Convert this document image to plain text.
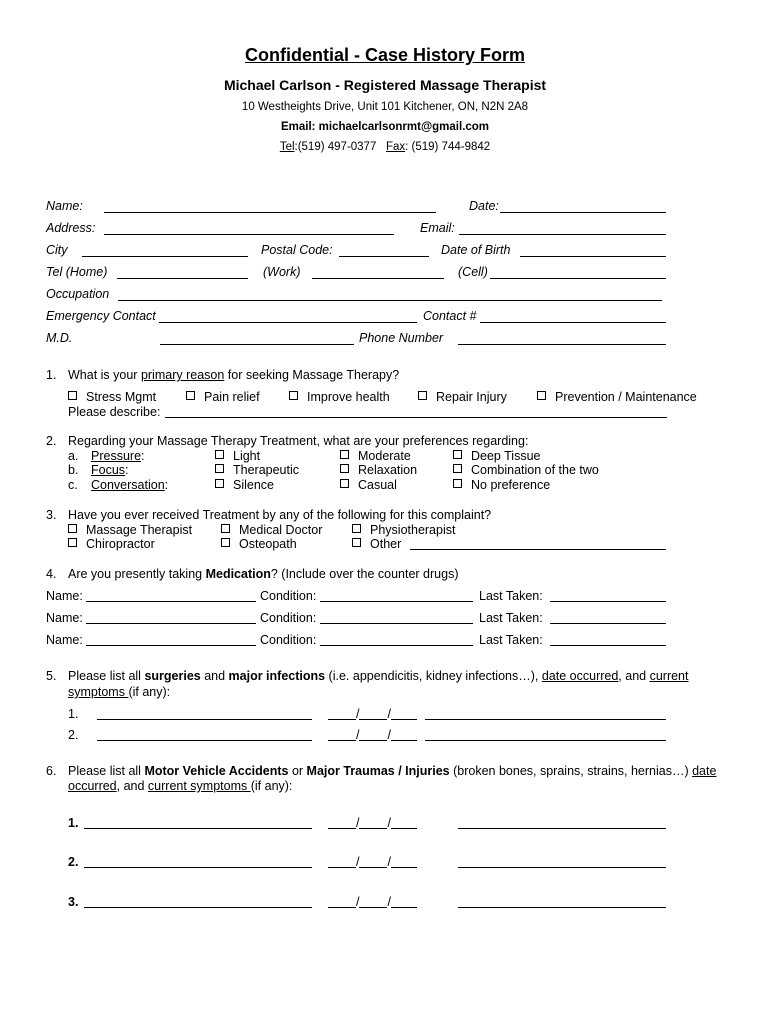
Confidential - Case History Form
Michael Carlson - Registered Massage Therapist
10 Westheights Drive, Unit 101 Kitchener, ON, N2N 2A8
Email: michaelcarlsonrmt@gmail.com
Tel:(519) 497-0377 Fax: (519) 744-9842
Name:	Date:
Address:	Email:
City	Postal Code:	Date of Birth
Tel (Home)	(Work)	(Cell)
Occupation
Emergency Contact	Contact #
M.D.	Phone Number
1. What is your primary reason for seeking Massage Therapy?
Stress Mgmt	Pain relief	Improve health	Repair Injury	Prevention / Maintenance
Please describe:
2. Regarding your Massage Therapy Treatment, what are your preferences regarding:
a. Pressure:	Light	Moderate	Deep Tissue
b. Focus:	Therapeutic	Relaxation	Combination of the two
c. Conversation:	Silence	Casual	No preference
3. Have you ever received Treatment by any of the following for this complaint?
Massage Therapist	Medical Doctor	Physiotherapist
Chiropractor	Osteopath	Other
4. Are you presently taking Medication? (Include over the counter drugs)
Name:	Condition:	Last Taken:
Name:	Condition:	Last Taken:
Name:	Condition:	Last Taken:
5. Please list all surgeries and major infections (i.e. appendicitis, kidney infections…), date occurred, and current
symptoms (if any):
1.	/ /
2.	/ /
6. Please list all Motor Vehicle Accidents or Major Traumas / Injuries (broken bones, sprains, strains, hernias…) date
occurred, and current symptoms (if any):
1.	/ /
2.	/ /
3.	/ /
